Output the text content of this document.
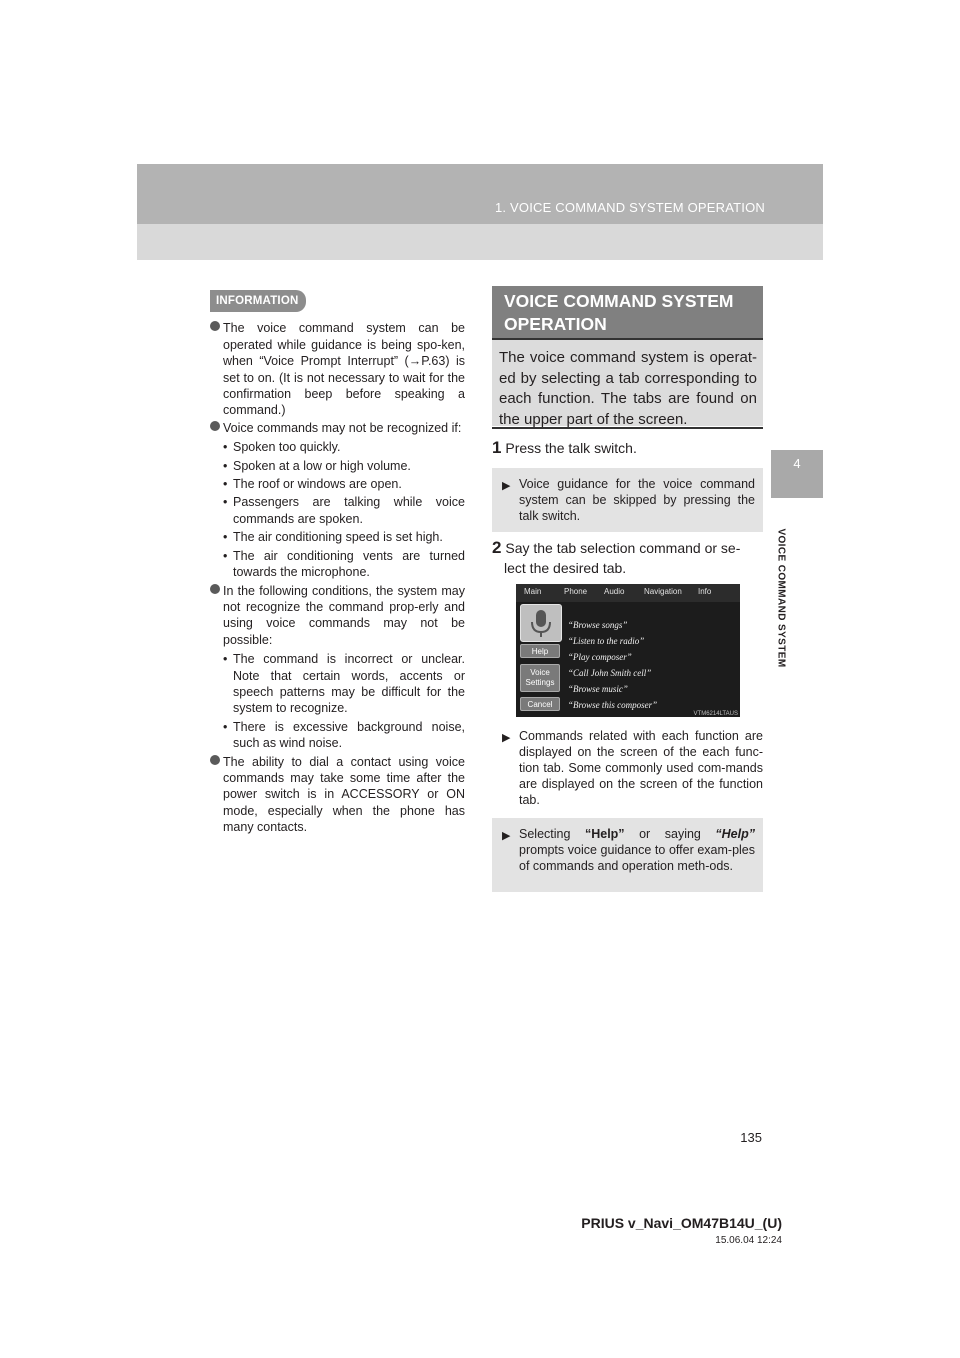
1. VOICE COMMAND SYSTEM OPERATION
4
VOICE COMMAND SYSTEM
INFORMATION
The voice command system can be operated while guidance is being spo-ken, when “Voice Prompt Interrupt” (→P.63) is set to on. (It is not necessary to wait for the confirmation beep before speaking a command.)
Voice commands may not be recognized if:
• Spoken too quickly.
• Spoken at a low or high volume.
• The roof or windows are open.
• Passengers are talking while voice commands are spoken.
• The air conditioning speed is set high.
• The air conditioning vents are turned towards the microphone.
In the following conditions, the system may not recognize the command prop-erly and using voice commands may not be possible:
• The command is incorrect or unclear. Note that certain words, accents or speech patterns may be difficult for the system to recognize.
• There is excessive background noise, such as wind noise.
The ability to dial a contact using voice commands may take some time after the power switch is in ACCESSORY or ON mode, especially when the phone has many contacts.
VOICE COMMAND SYSTEM
OPERATION
The voice command system is operat-ed by selecting a tab corresponding to each function. The tabs are found on the upper part of the screen.
1 Press the talk switch.
▶ Voice guidance for the voice command system can be skipped by pressing the talk switch.
2 Say the tab selection command or se-
lect the desired tab.
Main	Phone Audio Navigation Info
Help
Voice
Settings
Cancel
“Browse songs”
“Listen to the radio”
“Play composer”
“Call John Smith cell”
“Browse music”
“Browse this composer”
VTM6214LTAUS
▶ Commands related with each function are displayed on the screen of the each func-tion tab. Some commonly used com-mands are displayed on the screen of the function tab.
▶ Selecting “Help” or saying “Help” prompts voice guidance to offer exam-ples of commands and operation meth-ods.
135
PRIUS v_Navi_OM47B14U_(U)
15.06.04 12:24
